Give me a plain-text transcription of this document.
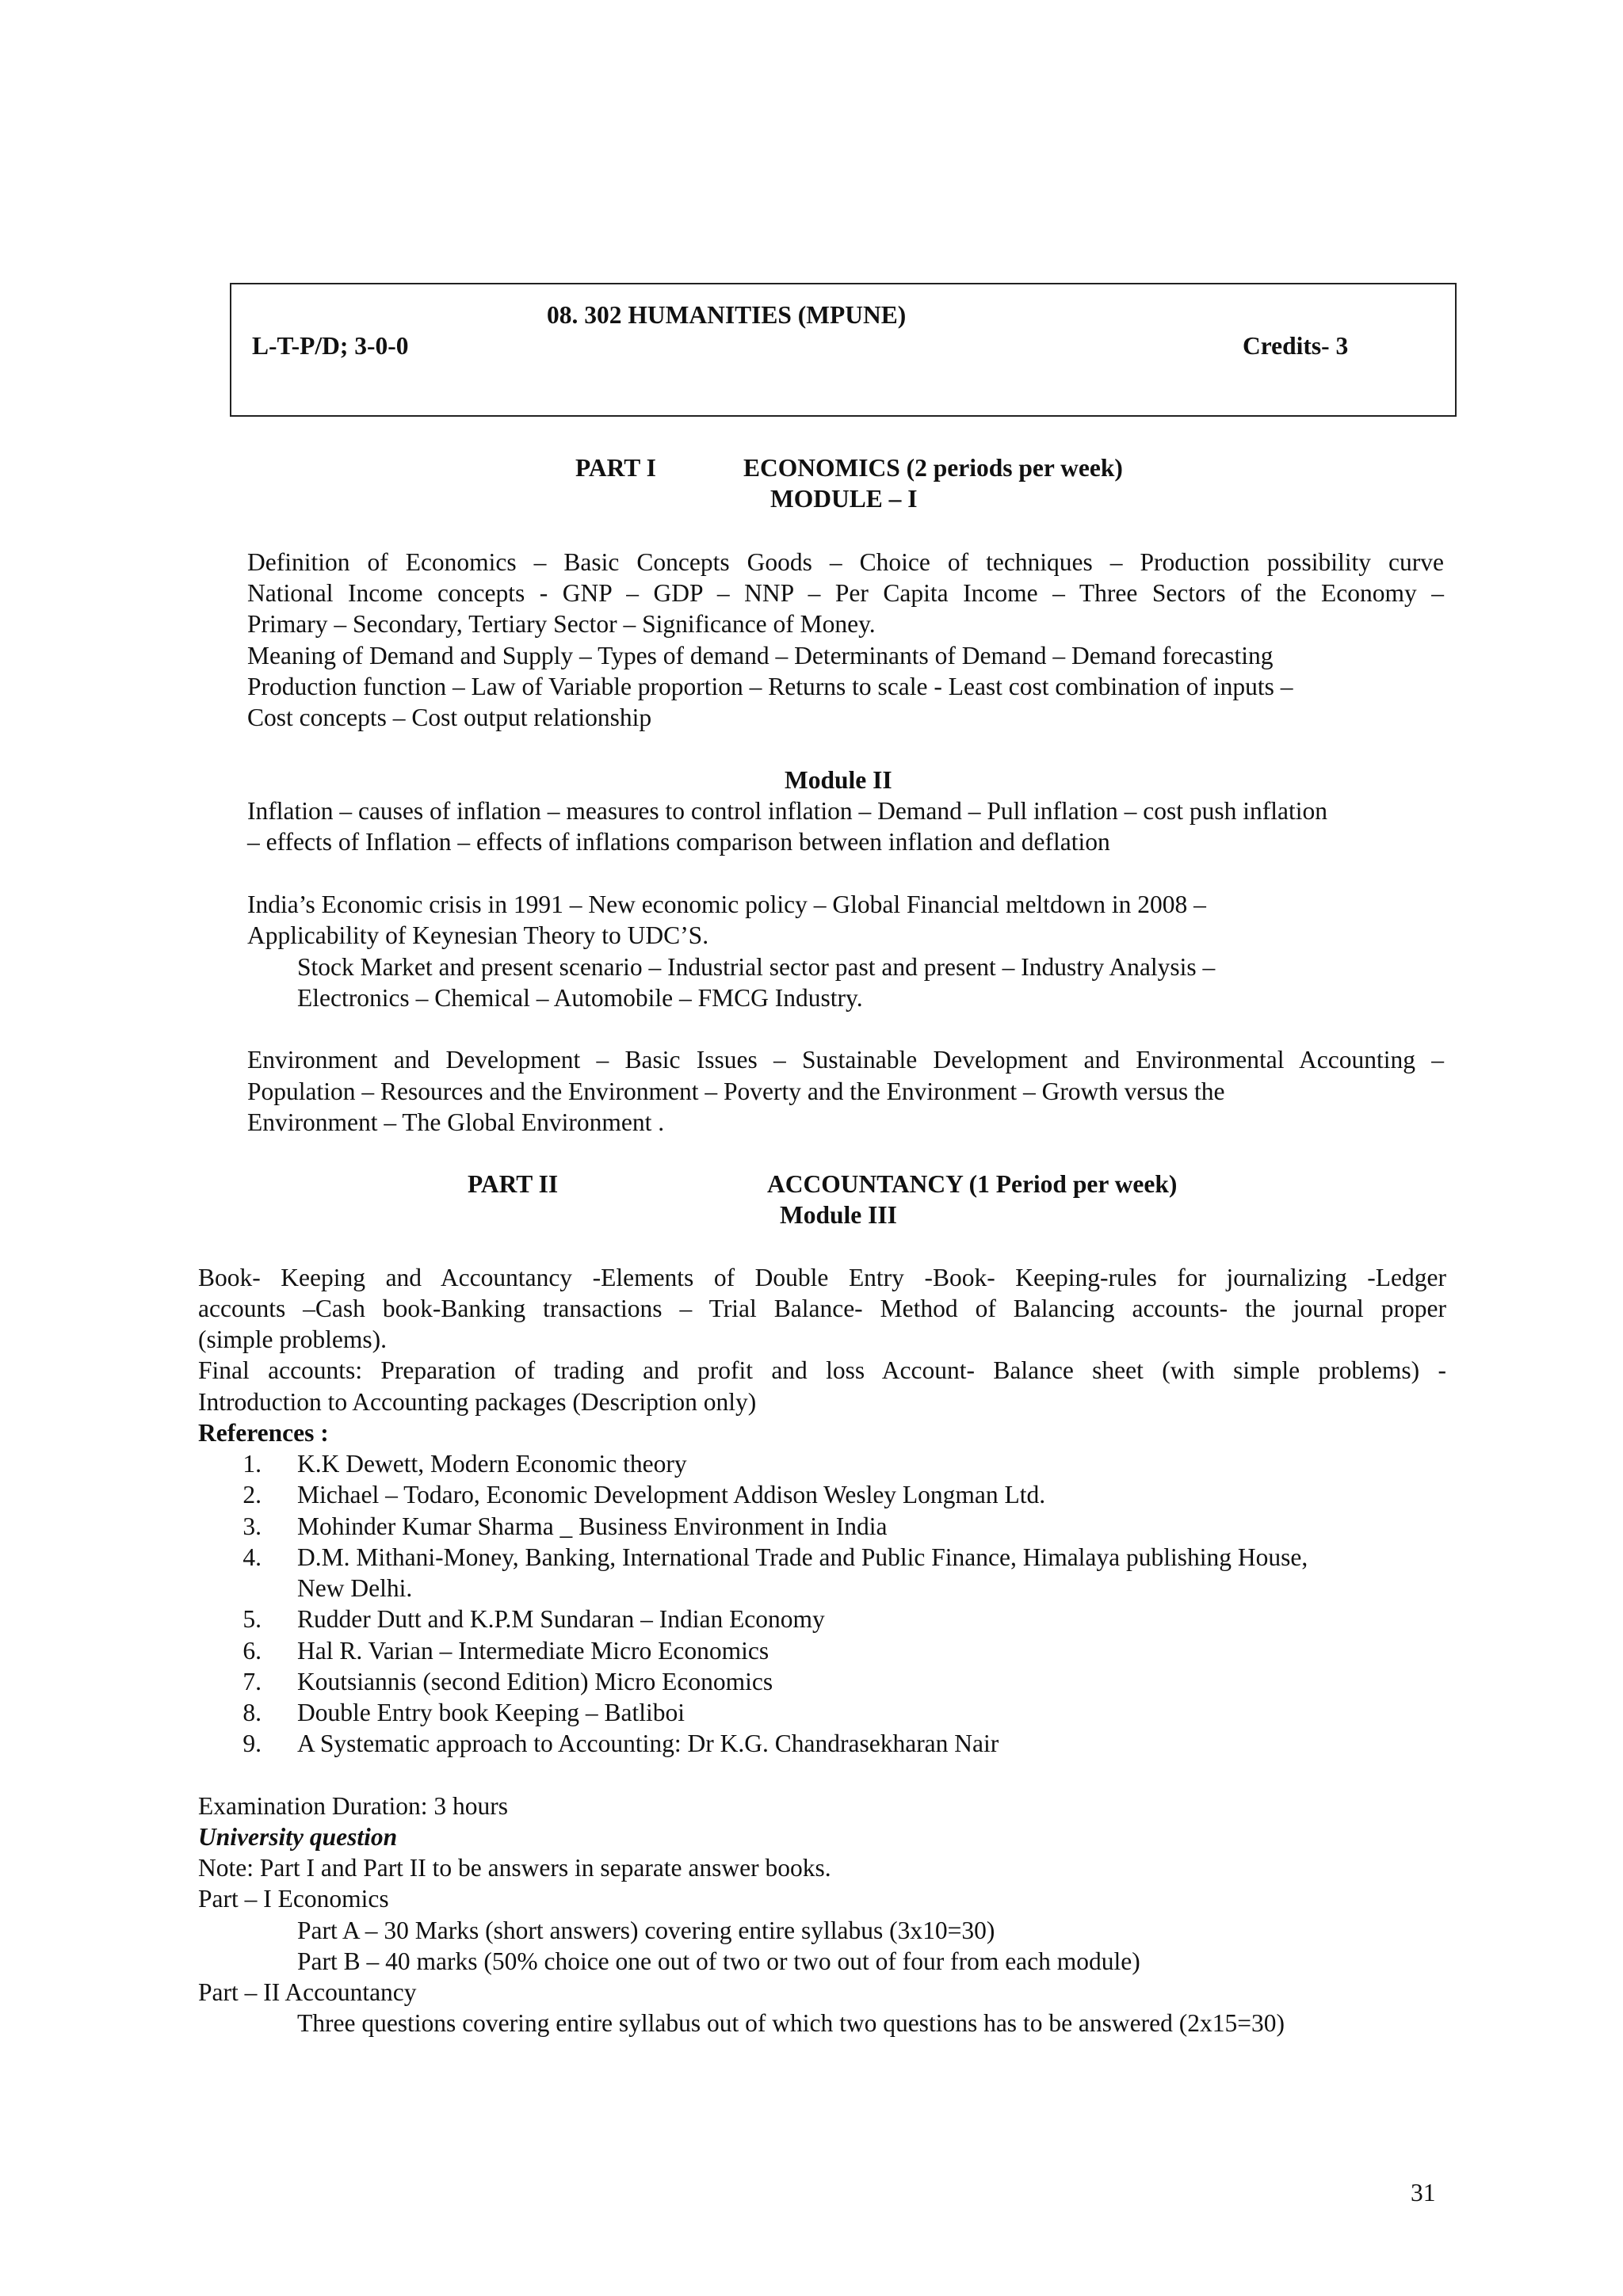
08. 302 HUMANITIES (MPUNE)
L-T-P/D; 3-0-0	Credits- 3
PART I	ECONOMICS (2 periods per week)
MODULE – I
Definition of Economics – Basic Concepts Goods – Choice of techniques – Production possibility curve
National Income concepts - GNP – GDP – NNP – Per Capita Income – Three Sectors of the Economy –
Primary – Secondary, Tertiary Sector – Significance of Money.
Meaning of Demand and Supply – Types of demand – Determinants of Demand – Demand forecasting
Production function – Law of Variable proportion – Returns to scale - Least cost combination of inputs –
Cost concepts – Cost output relationship
Module II
Inflation – causes of inflation – measures to control inflation – Demand – Pull inflation – cost push inflation
– effects of Inflation – effects of inflations comparison between inflation and deflation
India’s Economic crisis in 1991 – New economic policy – Global Financial meltdown in 2008 –
Applicability of Keynesian Theory to UDC’S.
Stock Market and present scenario – Industrial sector past and present – Industry Analysis –
Electronics – Chemical – Automobile – FMCG Industry.
Environment and Development – Basic Issues – Sustainable Development and Environmental Accounting –
Population – Resources and the Environment – Poverty and the Environment – Growth versus the
Environment – The Global Environment .
PART II	ACCOUNTANCY (1 Period per week)
Module III
Book- Keeping and Accountancy -Elements of Double Entry -Book- Keeping-rules for journalizing -Ledger
accounts –Cash book-Banking transactions – Trial Balance- Method of Balancing accounts- the journal proper
(simple problems).
Final accounts: Preparation of trading and profit and loss Account- Balance sheet (with simple problems) -
Introduction to Accounting packages (Description only)
References :
1. K.K Dewett, Modern Economic theory
2. Michael – Todaro, Economic Development Addison Wesley Longman Ltd.
3. Mohinder Kumar Sharma _ Business Environment in India
4. D.M. Mithani-Money, Banking, International Trade and Public Finance, Himalaya publishing House,
New Delhi.
5. Rudder Dutt and K.P.M Sundaran – Indian Economy
6. Hal R. Varian – Intermediate Micro Economics
7. Koutsiannis (second Edition) Micro Economics
8. Double Entry book Keeping – Batliboi
9. A Systematic approach to Accounting: Dr K.G. Chandrasekharan Nair
Examination Duration: 3 hours
University question
Note: Part I and Part II to be answers in separate answer books.
Part – I Economics
Part A – 30 Marks (short answers) covering entire syllabus (3x10=30)
Part B – 40 marks (50% choice one out of two or two out of four from each module)
Part – II Accountancy
Three questions covering entire syllabus out of which two questions has to be answered (2x15=30)
31
